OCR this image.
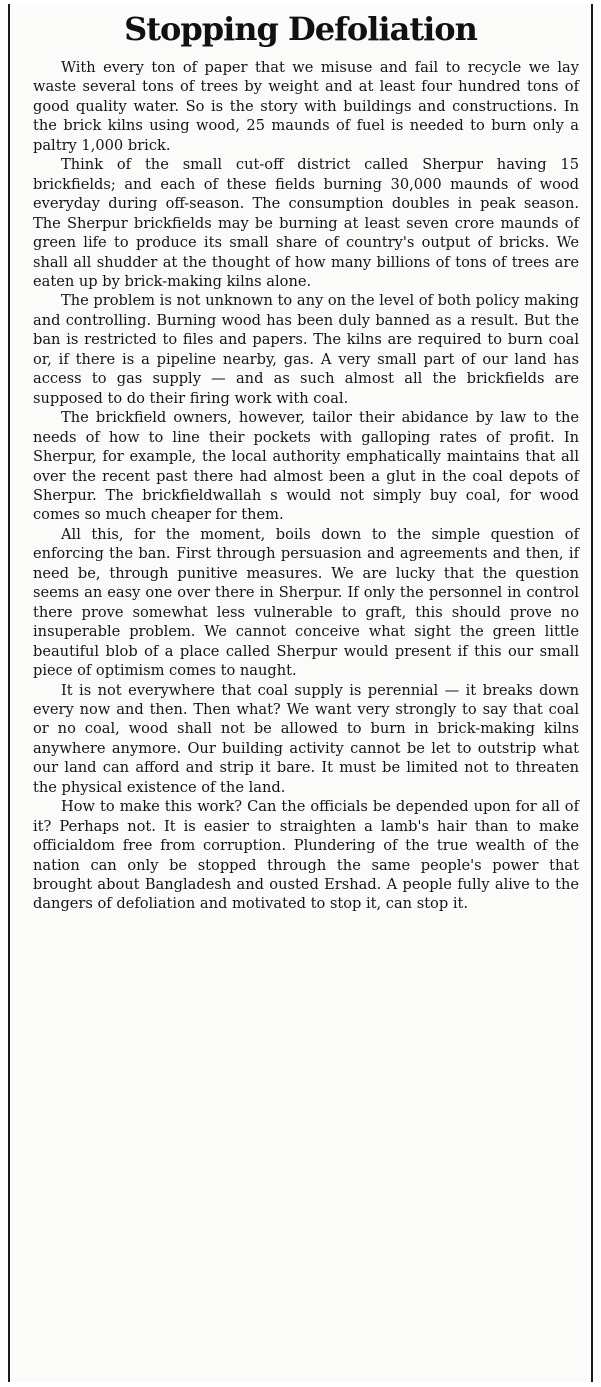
Stopping Defoliation

With every ton of paper that we misuse and fail to recycle we lay waste several tons of trees by weight and at least four hundred tons of good quality water. So is the story with buildings and constructions. In the brick kilns using wood, 25 maunds of fuel is needed to burn only a paltry 1,000 brick.

Think of the small cut-off district called Sherpur having 15 brickfields; and each of these fields burning 30,000 maunds of wood everyday during off-season. The consumption doubles in peak season. The Sherpur brickfields may be burning at least seven crore maunds of green life to produce its small share of country's output of bricks. We shall all shudder at the thought of how many billions of tons of trees are eaten up by brick-making kilns alone.

The problem is not unknown to any on the level of both policy making and controlling. Burning wood has been duly banned as a result. But the ban is restricted to files and papers. The kilns are required to burn coal or, if there is a pipeline nearby, gas. A very small part of our land has access to gas supply — and as such almost all the brickfields are supposed to do their firing work with coal.

The brickfield owners, however, tailor their abidance by law to the needs of how to line their pockets with galloping rates of profit. In Sherpur, for example, the local authority emphatically maintains that all over the recent past there had almost been a glut in the coal depots of Sherpur. The brickfieldwallah s would not simply buy coal, for wood comes so much cheaper for them.

All this, for the moment, boils down to the simple question of enforcing the ban. First through persuasion and agreements and then, if need be, through punitive measures. We are lucky that the question seems an easy one over there in Sherpur. If only the personnel in control there prove somewhat less vulnerable to graft, this should prove no insuperable problem. We cannot conceive what sight the green little beautiful blob of a place called Sherpur would present if this our small piece of optimism comes to naught.

It is not everywhere that coal supply is perennial — it breaks down every now and then. Then what? We want very strongly to say that coal or no coal, wood shall not be allowed to burn in brick-making kilns anywhere anymore. Our building activity cannot be let to outstrip what our land can afford and strip it bare. It must be limited not to threaten the physical existence of the land.

How to make this work? Can the officials be depended upon for all of it? Perhaps not. It is easier to straighten a lamb's hair than to make officialdom free from corruption. Plundering of the true wealth of the nation can only be stopped through the same people's power that brought about Bangladesh and ousted Ershad. A people fully alive to the dangers of defoliation and motivated to stop it, can stop it.
